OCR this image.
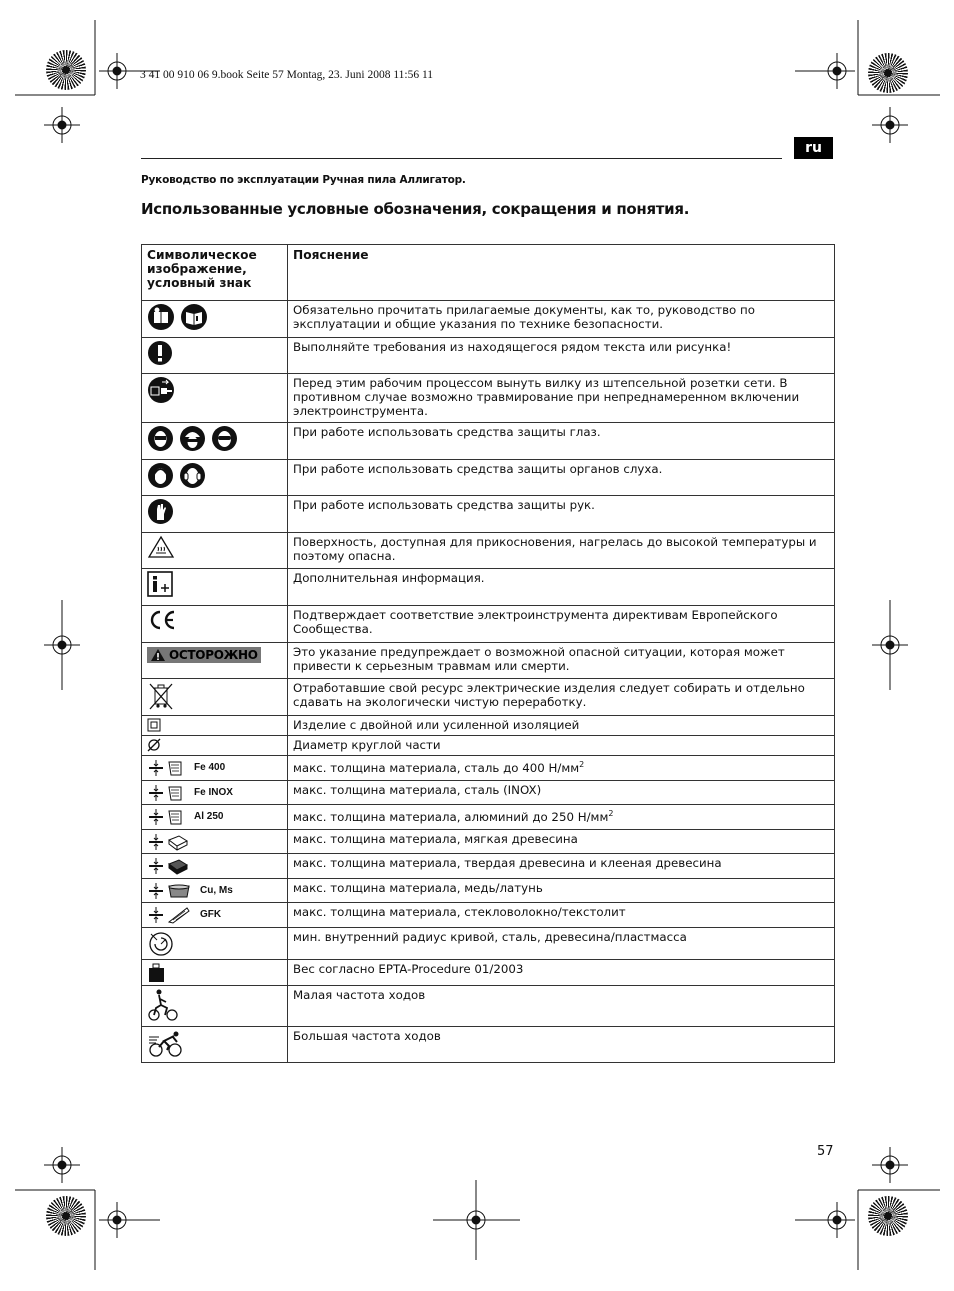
3 41 00 910 06 9.book Seite 57 Montag, 23. Juni 2008 11:56 11
ru
Руководство по эксплуатации Ручная пила Аллигатор.
Использованные условные обозначения, сокращения и понятия.
Символическое изображение, условный знак	Пояснение

	Обязательно прочитать прилагаемые документы, как то, руководство по эксплуатации и общие указания по технике безопасности.

	Выполняйте требования из находящегося рядом текста или рисунка!

	Перед этим рабочим процессом вынуть вилку из штепсельной розетки сети. В противном случае возможно травмирование при непреднамеренном включении электроинструмента.

	При работе использовать средства защиты глаз.

	При работе использовать средства защиты органов слуха.

	При работе использовать средства защиты рук.

	Поверхность, доступная для прикосновения, нагрелась до высокой температуры и поэтому опасна.

	Дополнительная информация.

	Подтверждает соответствие электроинструмента директивам Европейского Сообщества.

ОСТОРОЖНО	Это указание предупреждает о возможной опасной ситуации, которая может привести к серьезным травмам или смерти.

	Отработавшие свой ресурс электрические изделия следует собирать и отдельно сдавать на экологически чистую переработку.

	Изделие с двойной или усиленной изоляцией

	Диаметр круглой части

Fe 400	макс. толщина материала, сталь до 400 $Н/мм^2$

Fe INOX	макс. толщина материала, сталь (INOX)

Al 250	макс. толщина материала, алюминий до 250 $Н/мм^2$

	макс. толщина материала, мягкая древесина

	макс. толщина материала, твердая древесина и клееная древесина

Cu, Ms	макс. толщина материала, медь/латунь

GFK	макс. толщина материала, стекловолокно/текстолит

	мин. внутренний радиус кривой, сталь, древесина/пластмасса

	Вес согласно EPTA-Procedure 01/2003

	Малая частота ходов

	Большая частота ходов
57
